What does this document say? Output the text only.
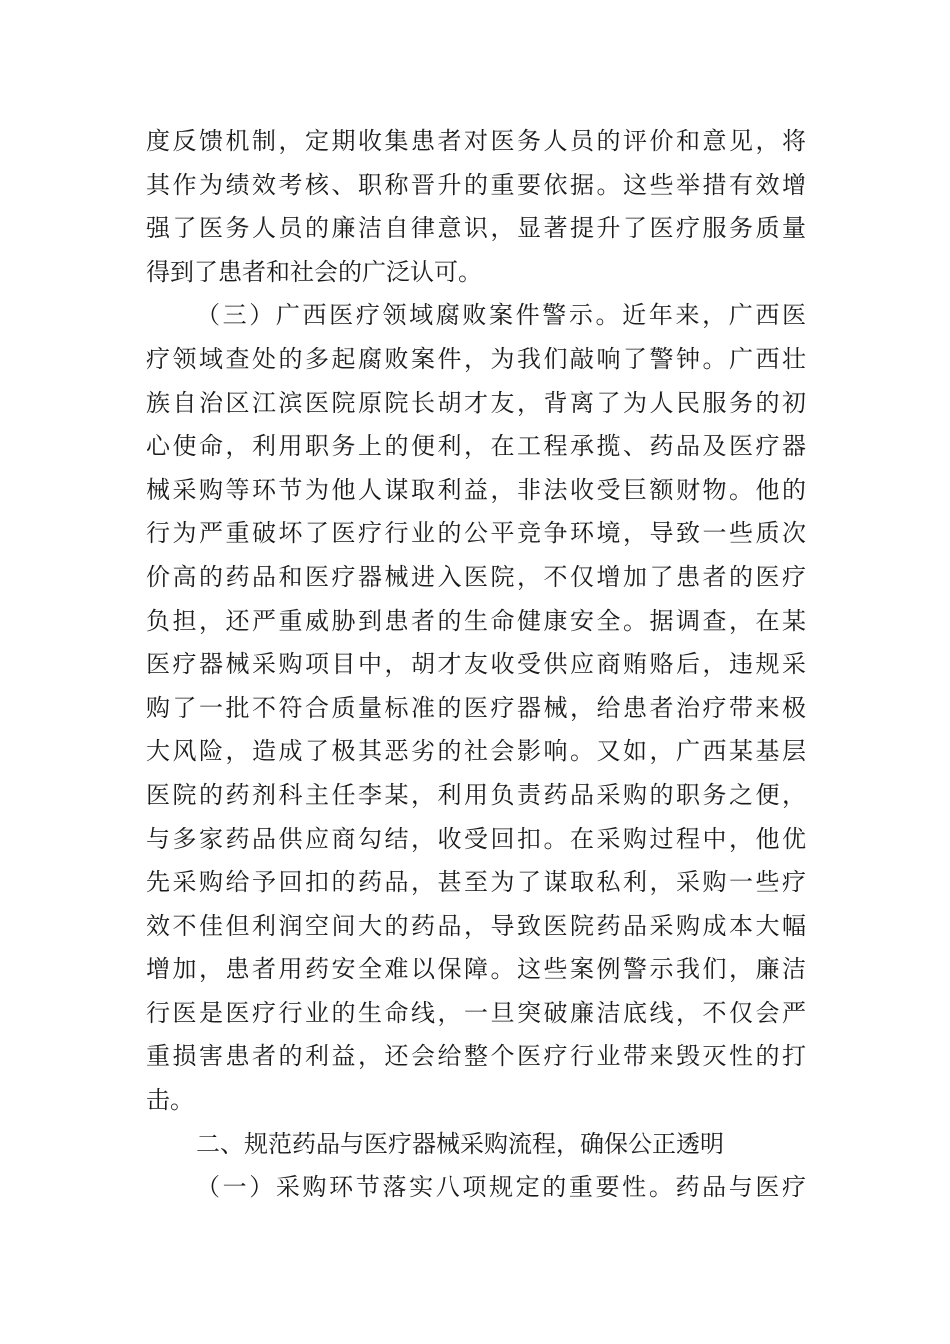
度反馈机制，定期收集患者对医务人员的评价和意见，将
其作为绩效考核、职称晋升的重要依据。这些举措有效增
强了医务人员的廉洁自律意识，显著提升了医疗服务质量
得到了患者和社会的广泛认可。
（三）广西医疗领域腐败案件警示。近年来，广西医
疗领域查处的多起腐败案件，为我们敲响了警钟。广西壮
族自治区江滨医院原院长胡才友，背离了为人民服务的初
心使命，利用职务上的便利，在工程承揽、药品及医疗器
械采购等环节为他人谋取利益，非法收受巨额财物。他的
行为严重破坏了医疗行业的公平竞争环境，导致一些质次
价高的药品和医疗器械进入医院，不仅增加了患者的医疗
负担，还严重威胁到患者的生命健康安全。据调查，在某
医疗器械采购项目中，胡才友收受供应商贿赂后，违规采
购了一批不符合质量标准的医疗器械，给患者治疗带来极
大风险，造成了极其恶劣的社会影响。又如，广西某基层
医院的药剂科主任李某，利用负责药品采购的职务之便，
与多家药品供应商勾结，收受回扣。在采购过程中，他优
先采购给予回扣的药品，甚至为了谋取私利，采购一些疗
效不佳但利润空间大的药品，导致医院药品采购成本大幅
增加，患者用药安全难以保障。这些案例警示我们，廉洁
行医是医疗行业的生命线，一旦突破廉洁底线，不仅会严
重损害患者的利益，还会给整个医疗行业带来毁灭性的打
击。
二、规范药品与医疗器械采购流程，确保公正透明
（一）采购环节落实八项规定的重要性。药品与医疗
